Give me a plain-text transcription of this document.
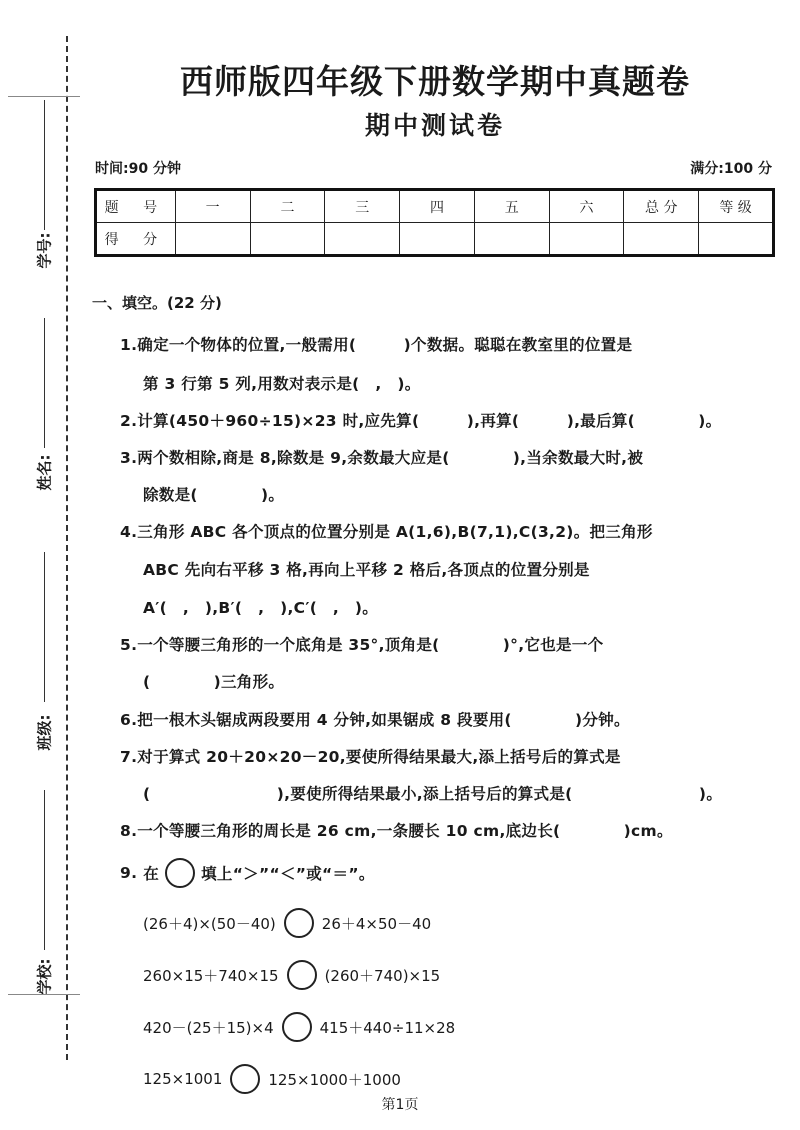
学号:
姓名:
班级:
学校:
西师版四年级下册数学期中真题卷
期中测试卷
时间:90 分钟	满分:100 分
题 号	一	二	三	四	五	六	总 分	等 级
得 分								
一、填空。(22 分)
1.确定一个物体的位置,一般需用(　　　)个数据。聪聪在教室里的位置是
第 3 行第 5 列,用数对表示是(　,　)。
2.计算(450＋960÷15)×23 时,应先算(　　　),再算(　　　),最后算(　　　　)。
3.两个数相除,商是 8,除数是 9,余数最大应是(　　　　),当余数最大时,被
除数是(　　　　)。
4.三角形 ABC 各个顶点的位置分别是 A(1,6),B(7,1),C(3,2)。把三角形
ABC 先向右平移 3 格,再向上平移 2 格后,各顶点的位置分别是
A′(　,　),B′(　,　),C′(　,　)。
5.一个等腰三角形的一个底角是 35°,顶角是(　　　　)°,它也是一个
(　　　　)三角形。
6.把一根木头锯成两段要用 4 分钟,如果锯成 8 段要用(　　　　)分钟。
7.对于算式 20＋20×20－20,要使所得结果最大,添上括号后的算式是
(　　　　　　　　),要使所得结果最小,添上括号后的算式是(　　　　　　　　)。
8.一个等腰三角形的周长是 26 cm,一条腰长 10 cm,底边长(　　　　)cm。
9. 在	填上“＞”“＜”或“＝”。
(26＋4)×(50－40)	26＋4×50－40
260×15＋740×15	(260＋740)×15
420－(25＋15)×4	415＋440÷11×28
125×1001	125×1000＋1000
第1页
